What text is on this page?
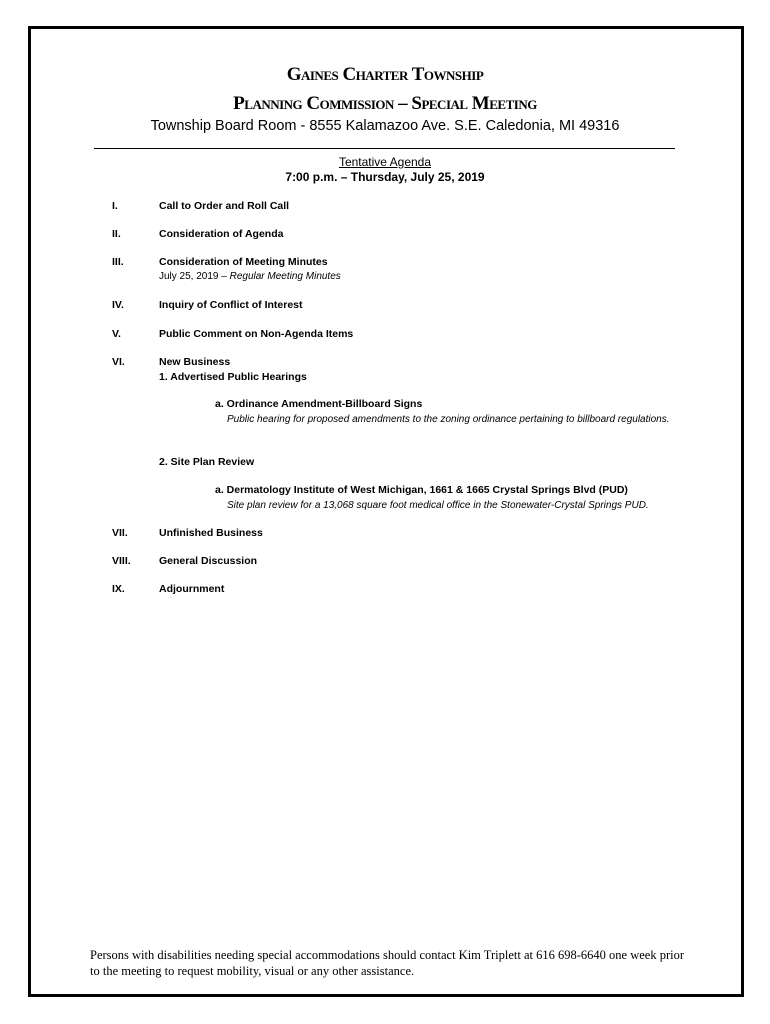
Gaines Charter Township
Planning Commission – Special Meeting
Township Board Room - 8555 Kalamazoo Ave. S.E. Caledonia, MI 49316
Tentative Agenda
7:00 p.m. – Thursday, July 25, 2019
I.	Call to Order and Roll Call
II.	Consideration of Agenda
III.	Consideration of Meeting Minutes
July 25, 2019 – Regular Meeting Minutes
IV.	Inquiry of Conflict of Interest
V.	Public Comment on Non-Agenda Items
VI.	New Business
1. Advertised Public Hearings
a. Ordinance Amendment-Billboard Signs
Public hearing for proposed amendments to the zoning ordinance pertaining to billboard regulations.
2. Site Plan Review
a. Dermatology Institute of West Michigan, 1661 & 1665 Crystal Springs Blvd (PUD)
Site plan review for a 13,068 square foot medical office in the Stonewater-Crystal Springs PUD.
VII.	Unfinished Business
VIII.	General Discussion
IX.	Adjournment
Persons with disabilities needing special accommodations should contact Kim Triplett at 616 698-6640 one week prior to the meeting to request mobility, visual or any other assistance.
